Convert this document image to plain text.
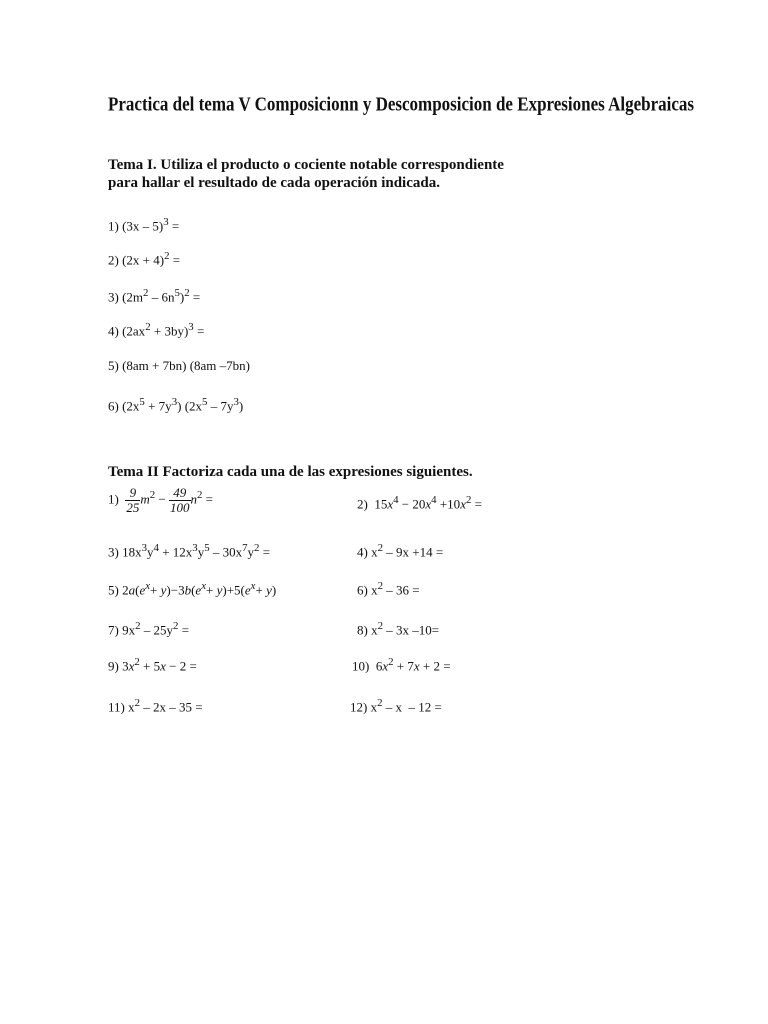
Practica del tema V Composicionn y Descomposicion de Expresiones Algebraicas
Tema I. Utiliza el producto o cociente notable correspondiente
para hallar el resultado de cada operación indicada.
1) (3x – 5)$^3$ =
2) $(2x + 4)^2$ =
3) $(2m^2 - 6n^5)^2$ =
4) $(2ax^2 + 3by)^3$ =
5) (8am + 7bn) (8am –7bn)
6) $(2x^5 + 7y^3)$ $(2x^5 - 7y^3)$
Tema II Factoriza cada una de las expresiones siguientes.
$1) \frac{9}{25} m^2 - \frac{49}{100} n^2$ =
3) $18x^3y^4 + 12x^3y^5 - 30x^7y^2$ =
5) $2a(e^x+ y)-3b(e^x+ y)+5(e^x+ y)$
7) $9x^2 - 25y^2$ =
9) $3x^2 + 5x - 2$ =
11) $x^2 - 2x - 35$ =
2)  $15x^4 - 20x^4 +10x^2$ =
4) $x^2 - 9x +14$ =
6) $x^2 - 36$ =
8) $x^2 - 3x$ –10=
10)  $6x^2 + 7x + 2$ =
12) $x^2$ – x  – 12 =
